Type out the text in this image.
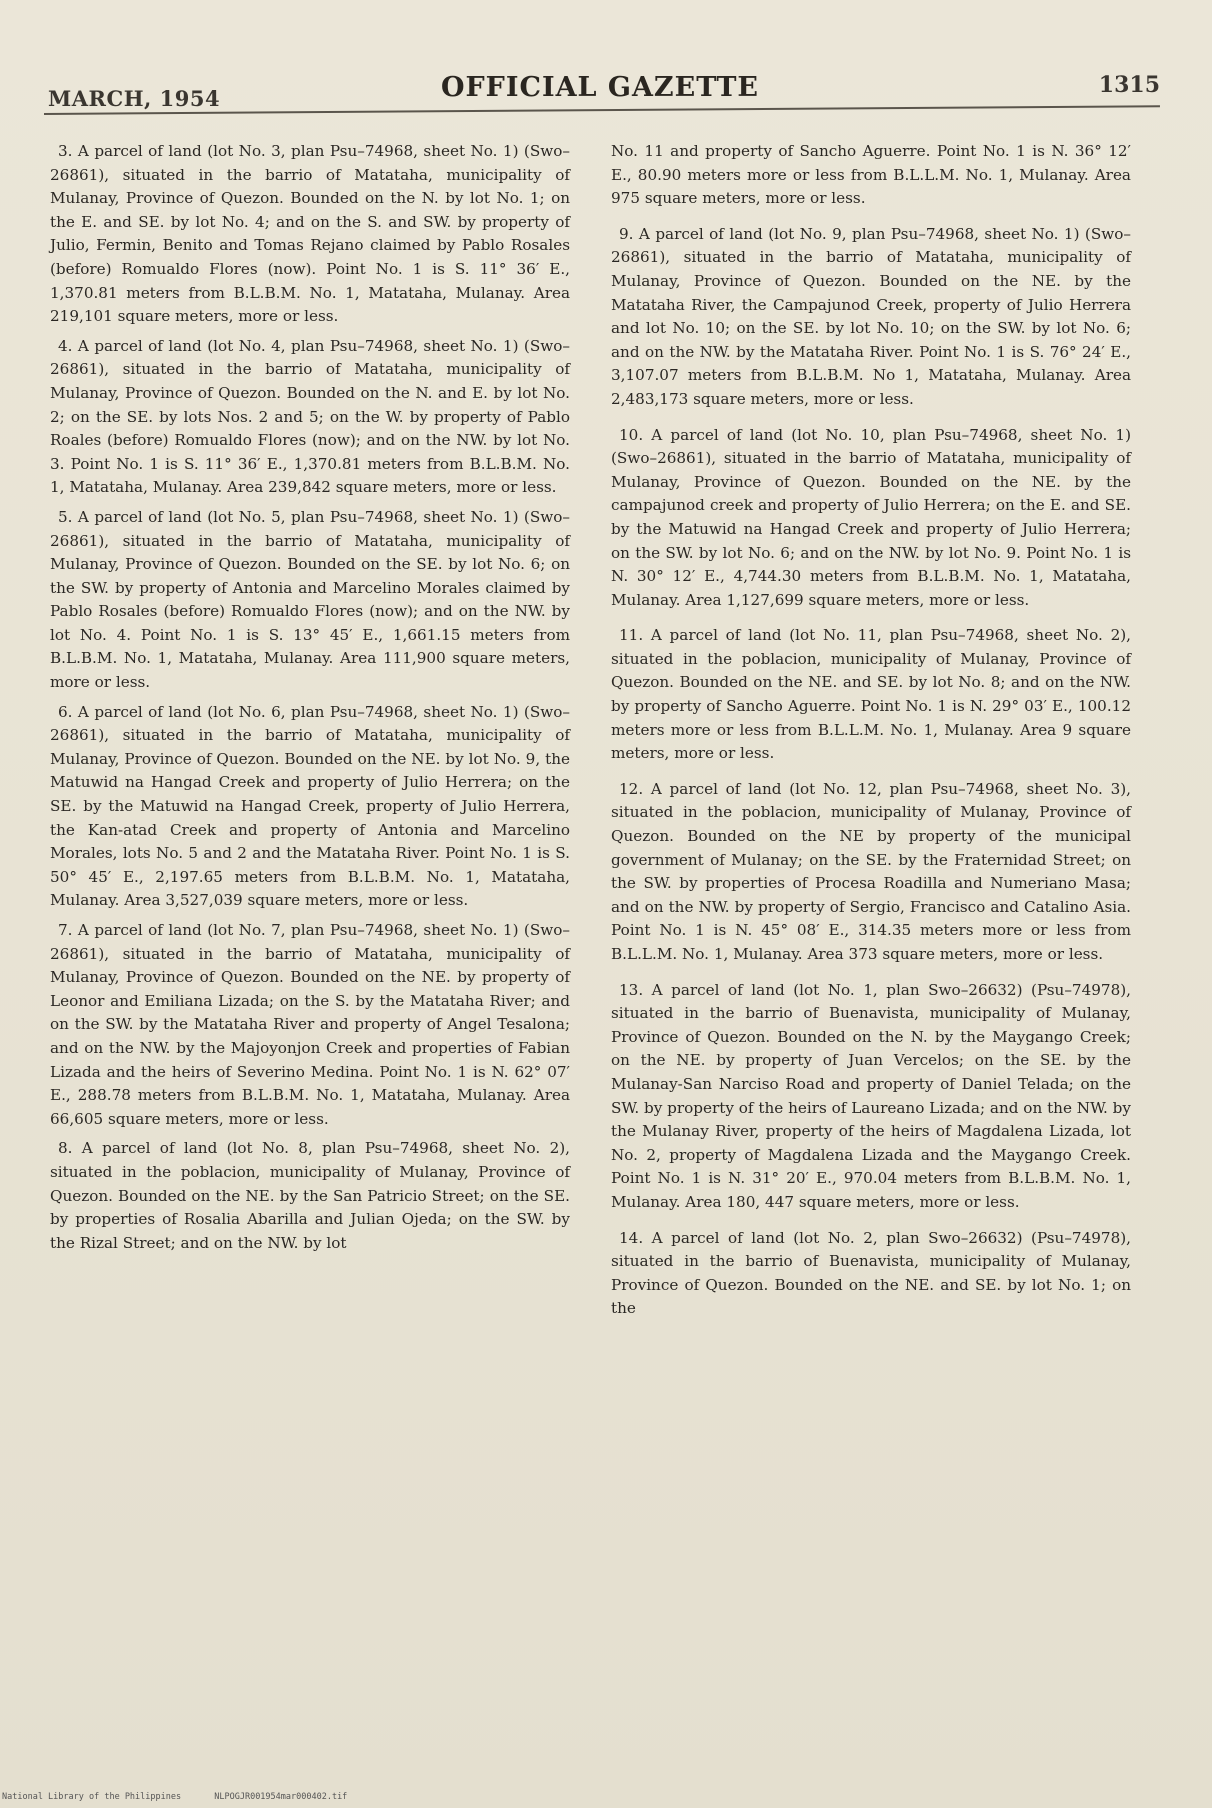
MARCH, 1954	OFFICIAL GAZETTE	1315

3. A parcel of land (lot No. 3, plan Psu–74968, sheet No. 1) (Swo–26861), situated in the barrio of Matataha, municipality of Mulanay, Province of Quezon. Bounded on the N. by lot No. 1; on the E. and SE. by lot No. 4; and on the S. and SW. by property of Julio, Fermin, Benito and Tomas Rejano claimed by Pablo Rosales (before) Romualdo Flores (now). Point No. 1 is S. 11° 36′ E., 1,370.81 meters from B.L.B.M. No. 1, Matataha, Mulanay. Area 219,101 square meters, more or less.

4. A parcel of land (lot No. 4, plan Psu–74968, sheet No. 1) (Swo–26861), situated in the barrio of Matataha, municipality of Mulanay, Province of Quezon. Bounded on the N. and E. by lot No. 2; on the SE. by lots Nos. 2 and 5; on the W. by property of Pablo Roales (before) Romualdo Flores (now); and on the NW. by lot No. 3. Point No. 1 is S. 11° 36′ E., 1,370.81 meters from B.L.B.M. No. 1, Matataha, Mulanay. Area 239,842 square meters, more or less.

5. A parcel of land (lot No. 5, plan Psu–74968, sheet No. 1) (Swo–26861), situated in the barrio of Matataha, municipality of Mulanay, Province of Quezon. Bounded on the SE. by lot No. 6; on the SW. by property of Antonia and Marcelino Morales claimed by Pablo Rosales (before) Romualdo Flores (now); and on the NW. by lot No. 4. Point No. 1 is S. 13° 45′ E., 1,661.15 meters from B.L.B.M. No. 1, Matataha, Mulanay. Area 111,900 square meters, more or less.

6. A parcel of land (lot No. 6, plan Psu–74968, sheet No. 1) (Swo–26861), situated in the barrio of Matataha, municipality of Mulanay, Province of Quezon. Bounded on the NE. by lot No. 9, the Matuwid na Hangad Creek and property of Julio Herrera; on the SE. by the Matuwid na Hangad Creek, property of Julio Herrera, the Kan-atad Creek and property of Antonia and Marcelino Morales, lots No. 5 and 2 and the Matataha River. Point No. 1 is S. 50° 45′ E., 2,197.65 meters from B.L.B.M. No. 1, Matataha, Mulanay. Area 3,527,039 square meters, more or less.

7. A parcel of land (lot No. 7, plan Psu–74968, sheet No. 1) (Swo–26861), situated in the barrio of Matataha, municipality of Mulanay, Province of Quezon. Bounded on the NE. by property of Leonor and Emiliana Lizada; on the S. by the Matataha River; and on the SW. by the Matataha River and property of Angel Tesalona; and on the NW. by the Majoyonjon Creek and properties of Fabian Lizada and the heirs of Severino Medina. Point No. 1 is N. 62° 07′ E., 288.78 meters from B.L.B.M. No. 1, Matataha, Mulanay. Area 66,605 square meters, more or less.

8. A parcel of land (lot No. 8, plan Psu–74968, sheet No. 2), situated in the poblacion, municipality of Mulanay, Province of Quezon. Bounded on the NE. by the San Patricio Street; on the SE. by properties of Rosalia Abarilla and Julian Ojeda; on the SW. by the Rizal Street; and on the NW. by lot

No. 11 and property of Sancho Aguerre. Point No. 1 is N. 36° 12′ E., 80.90 meters more or less from B.L.L.M. No. 1, Mulanay. Area 975 square meters, more or less.

9. A parcel of land (lot No. 9, plan Psu–74968, sheet No. 1) (Swo–26861), situated in the barrio of Matataha, municipality of Mulanay, Province of Quezon. Bounded on the NE. by the Matataha River, the Campajunod Creek, property of Julio Herrera and lot No. 10; on the SE. by lot No. 10; on the SW. by lot No. 6; and on the NW. by the Matataha River. Point No. 1 is S. 76° 24′ E., 3,107.07 meters from B.L.B.M. No 1, Matataha, Mulanay. Area 2,483,173 square meters, more or less.

10. A parcel of land (lot No. 10, plan Psu–74968, sheet No. 1) (Swo–26861), situated in the barrio of Matataha, municipality of Mulanay, Province of Quezon. Bounded on the NE. by the campajunod creek and property of Julio Herrera; on the E. and SE. by the Matuwid na Hangad Creek and property of Julio Herrera; on the SW. by lot No. 6; and on the NW. by lot No. 9. Point No. 1 is N. 30° 12′ E., 4,744.30 meters from B.L.B.M. No. 1, Matataha, Mulanay. Area 1,127,699 square meters, more or less.

11. A parcel of land (lot No. 11, plan Psu–74968, sheet No. 2), situated in the poblacion, municipality of Mulanay, Province of Quezon. Bounded on the NE. and SE. by lot No. 8; and on the NW. by property of Sancho Aguerre. Point No. 1 is N. 29° 03′ E., 100.12 meters more or less from B.L.L.M. No. 1, Mulanay. Area 9 square meters, more or less.

12. A parcel of land (lot No. 12, plan Psu–74968, sheet No. 3), situated in the poblacion, municipality of Mulanay, Province of Quezon. Bounded on the NE by property of the municipal government of Mulanay; on the SE. by the Fraternidad Street; on the SW. by properties of Procesa Roadilla and Numeriano Masa; and on the NW. by property of Sergio, Francisco and Catalino Asia. Point No. 1 is N. 45° 08′ E., 314.35 meters more or less from B.L.L.M. No. 1, Mulanay. Area 373 square meters, more or less.

13. A parcel of land (lot No. 1, plan Swo–26632) (Psu–74978), situated in the barrio of Buenavista, municipality of Mulanay, Province of Quezon. Bounded on the N. by the Maygango Creek; on the NE. by property of Juan Vercelos; on the SE. by the Mulanay-San Narciso Road and property of Daniel Telada; on the SW. by property of the heirs of Laureano Lizada; and on the NW. by the Mulanay River, property of the heirs of Magdalena Lizada, lot No. 2, property of Magdalena Lizada and the Maygango Creek. Point No. 1 is N. 31° 20′ E., 970.04 meters from B.L.B.M. No. 1, Mulanay. Area 180, 447 square meters, more or less.

14. A parcel of land (lot No. 2, plan Swo–26632) (Psu–74978), situated in the barrio of Buenavista, municipality of Mulanay, Province of Quezon. Bounded on the NE. and SE. by lot No. 1; on the

National Library of the Philippines	NLPOGJR001954mar000402.tif
